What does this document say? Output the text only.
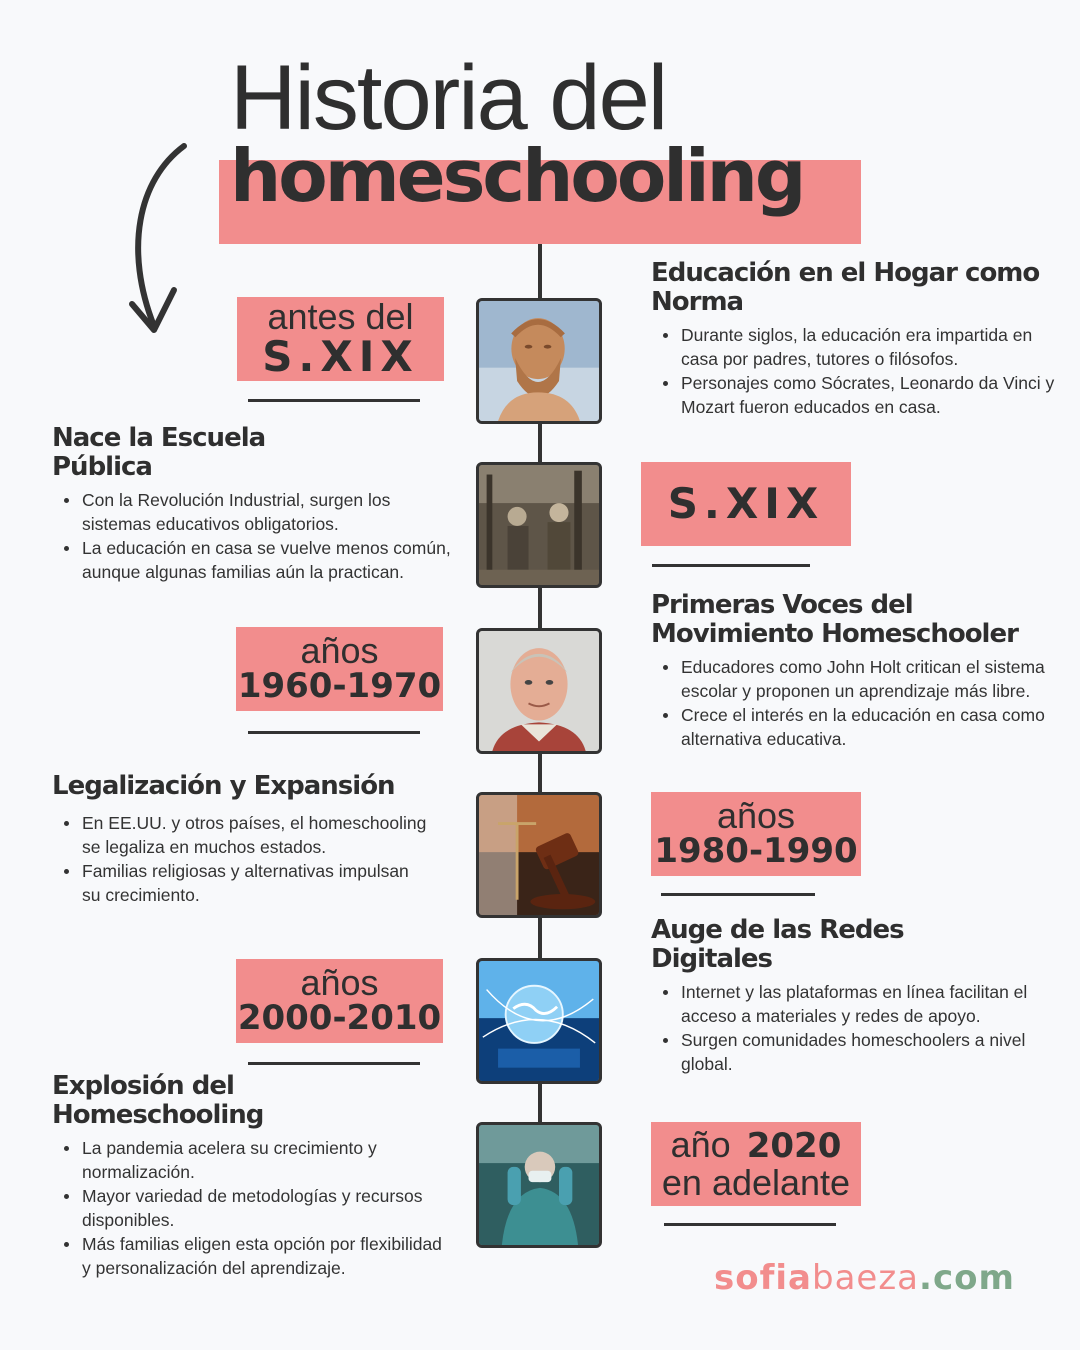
Historia del
homeschooling
antes del
S.XIX
Educación en el Hogar como Norma
Durante siglos, la educación era impartida en casa por padres, tutores o filósofos.
Personajes como Sócrates, Leonardo da Vinci y Mozart fueron educados en casa.
Nace la Escuela Pública
Con la Revolución Industrial, surgen los sistemas educativos obligatorios.
La educación en casa se vuelve menos común, aunque algunas familias aún la practican.
S.XIX
años
1960-1970
Primeras Voces del Movimiento Homeschooler
Educadores como John Holt critican el sistema escolar y proponen un aprendizaje más libre.
Crece el interés en la educación en casa como alternativa educativa.
Legalización y Expansión
En EE.UU. y otros países, el homeschooling se legaliza en muchos estados.
Familias religiosas y alternativas impulsan su crecimiento.
años
1980-1990
años
2000-2010
Auge de las Redes Digitales
Internet y las plataformas en línea facilitan el acceso a materiales y redes de apoyo.
Surgen comunidades homeschoolers a nivel global.
Explosión del Homeschooling
La pandemia acelera su crecimiento y normalización.
Mayor variedad de metodologías y recursos disponibles.
Más familias eligen esta opción por flexibilidad y personalización del aprendizaje.
año 2020
en adelante
sofiabaeza.com
